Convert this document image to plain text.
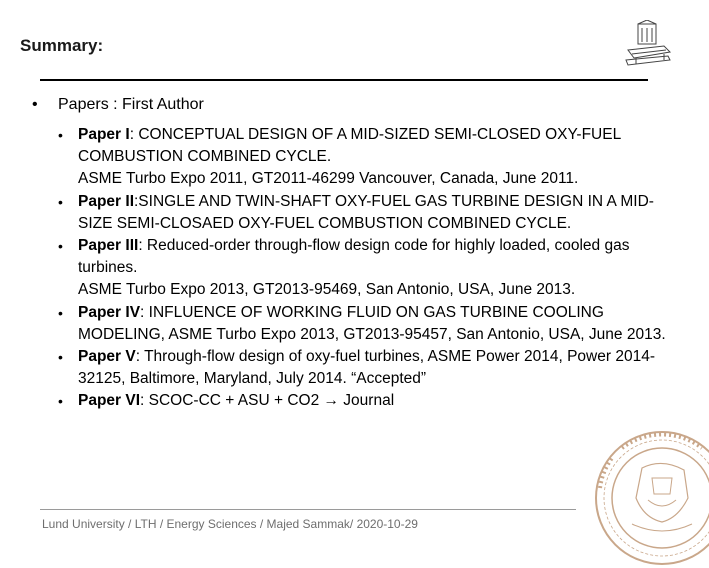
Summary:
• Papers : First Author
• Paper I: CONCEPTUAL DESIGN OF A MID-SIZED SEMI-CLOSED OXY-FUEL COMBUSTION COMBINED CYCLE.
ASME Turbo Expo 2011, GT2011-46299 Vancouver, Canada, June 2011.
• Paper II:SINGLE AND TWIN-SHAFT OXY-FUEL GAS TURBINE DESIGN IN A MID-SIZE SEMI-CLOSAED OXY-FUEL COMBUSTION COMBINED CYCLE.
• Paper III: Reduced-order through-flow design code for highly loaded, cooled gas turbines.
ASME Turbo Expo 2013, GT2013-95469, San Antonio, USA, June 2013.
• Paper IV: INFLUENCE OF WORKING FLUID ON GAS TURBINE COOLING MODELING, ASME Turbo Expo 2013, GT2013-95457, San Antonio, USA, June 2013.
• Paper V: Through-flow design of oxy-fuel turbines, ASME Power 2014, Power 2014-32125, Baltimore, Maryland, July 2014. “Accepted”
• Paper VI: SCOC-CC + ASU + CO2 → Journal
Lund University / LTH / Energy Sciences / Majed Sammak/ 2020-10-29
